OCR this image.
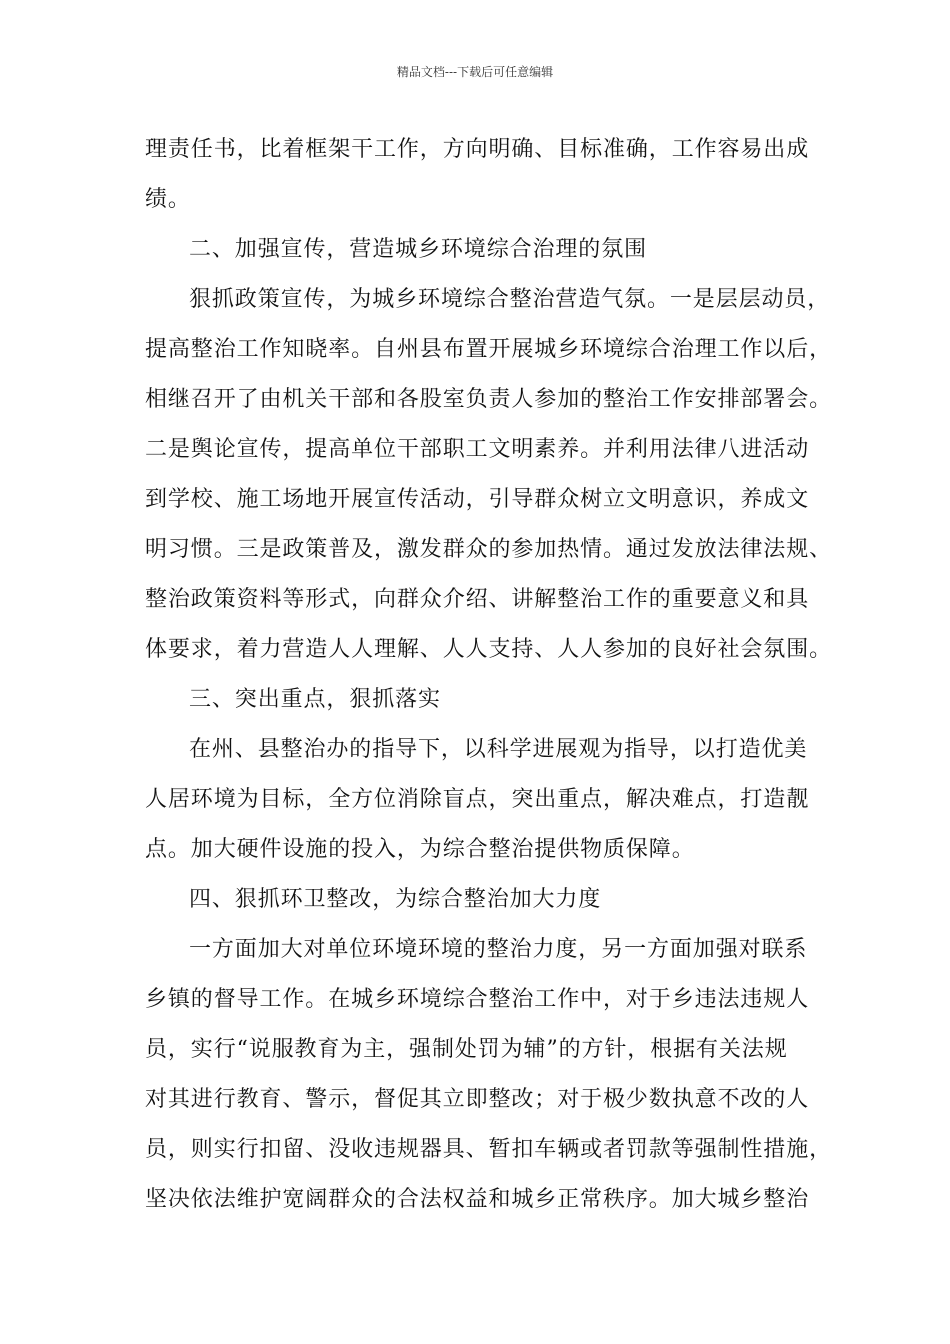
精品文档---下载后可任意编辑
理责任书，比着框架干工作，方向明确、目标准确，工作容易出成
绩。
二、加强宣传，营造城乡环境综合治理的氛围
狠抓政策宣传，为城乡环境综合整治营造气氛。一是层层动员，
提高整治工作知晓率。自州县布置开展城乡环境综合治理工作以后，
相继召开了由机关干部和各股室负责人参加的整治工作安排部署会。
二是舆论宣传，提高单位干部职工文明素养。并利用法律八进活动
到学校、施工场地开展宣传活动，引导群众树立文明意识，养成文
明习惯。三是政策普及，激发群众的参加热情。通过发放法律法规、
整治政策资料等形式，向群众介绍、讲解整治工作的重要意义和具
体要求，着力营造人人理解、人人支持、人人参加的良好社会氛围。
三、突出重点，狠抓落实
在州、县整治办的指导下，以科学进展观为指导，以打造优美
人居环境为目标，全方位消除盲点，突出重点，解决难点，打造靓
点。加大硬件设施的投入，为综合整治提供物质保障。
四、狠抓环卫整改，为综合整治加大力度
一方面加大对单位环境环境的整治力度，另一方面加强对联系
乡镇的督导工作。在城乡环境综合整治工作中，对于乡违法违规人
员，实行“说服教育为主，强制处罚为辅”的方针，根据有关法规
对其进行教育、警示，督促其立即整改；对于极少数执意不改的人
员，则实行扣留、没收违规器具、暂扣车辆或者罚款等强制性措施，
坚决依法维护宽阔群众的合法权益和城乡正常秩序。加大城乡整治
